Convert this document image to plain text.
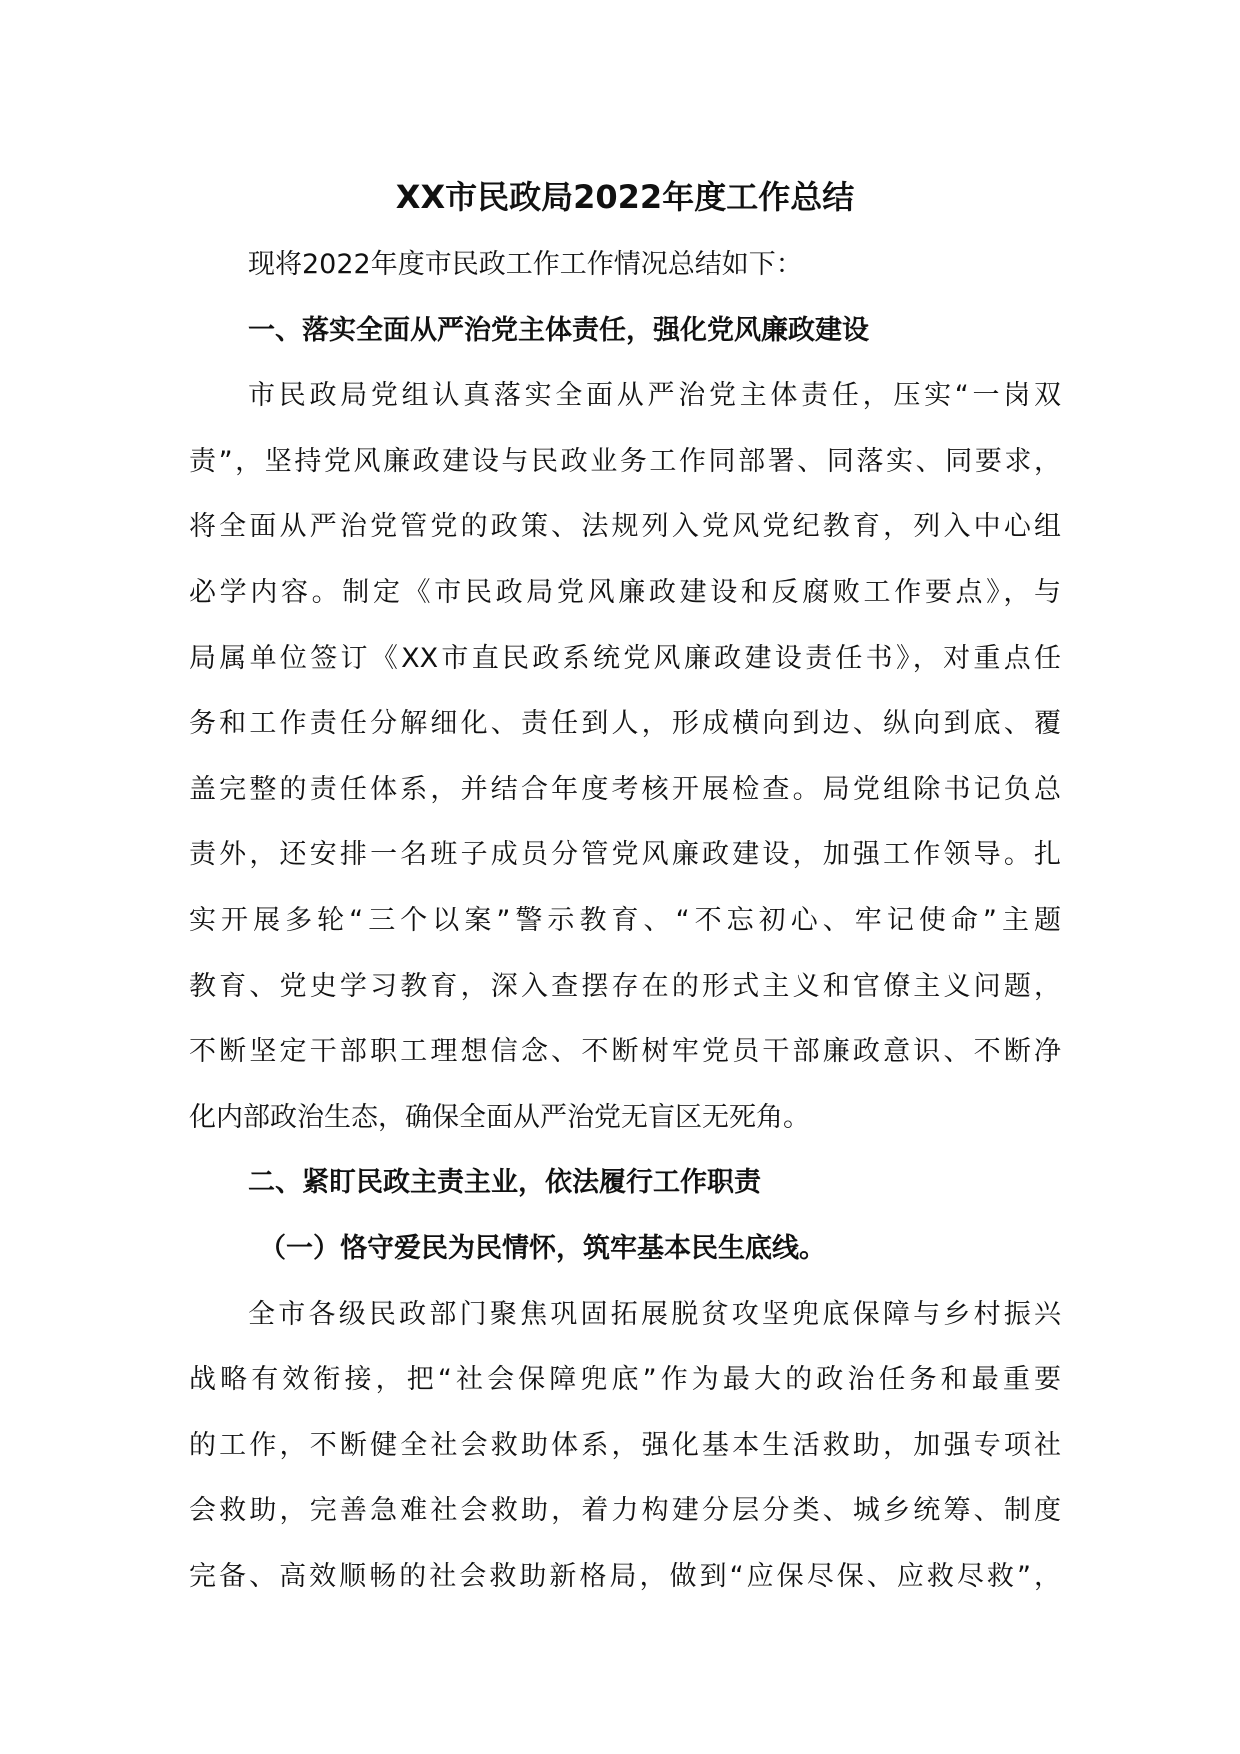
XX市民政局2022年度工作总结
现将2022年度市民政工作工作情况总结如下：
一、落实全面从严治党主体责任，强化党风廉政建设
市民政局党组认真落实全面从严治党主体责任，压实“一岗双
责”，坚持党风廉政建设与民政业务工作同部署、同落实、同要求，
将全面从严治党管党的政策、法规列入党风党纪教育，列入中心组
必学内容。制定《市民政局党风廉政建设和反腐败工作要点》，与
局属单位签订《XX市直民政系统党风廉政建设责任书》，对重点任
务和工作责任分解细化、责任到人，形成横向到边、纵向到底、覆
盖完整的责任体系，并结合年度考核开展检查。局党组除书记负总
责外，还安排一名班子成员分管党风廉政建设，加强工作领导。扎
实开展多轮“三个以案”警示教育、“不忘初心、牢记使命”主题
教育、党史学习教育，深入查摆存在的形式主义和官僚主义问题，
不断坚定干部职工理想信念、不断树牢党员干部廉政意识、不断净
化内部政治生态，确保全面从严治党无盲区无死角。
二、紧盯民政主责主业，依法履行工作职责
（一）恪守爱民为民情怀，筑牢基本民生底线。
全市各级民政部门聚焦巩固拓展脱贫攻坚兜底保障与乡村振兴
战略有效衔接，把“社会保障兜底”作为最大的政治任务和最重要
的工作，不断健全社会救助体系，强化基本生活救助，加强专项社
会救助，完善急难社会救助，着力构建分层分类、城乡统筹、制度
完备、高效顺畅的社会救助新格局，做到“应保尽保、应救尽救”，
